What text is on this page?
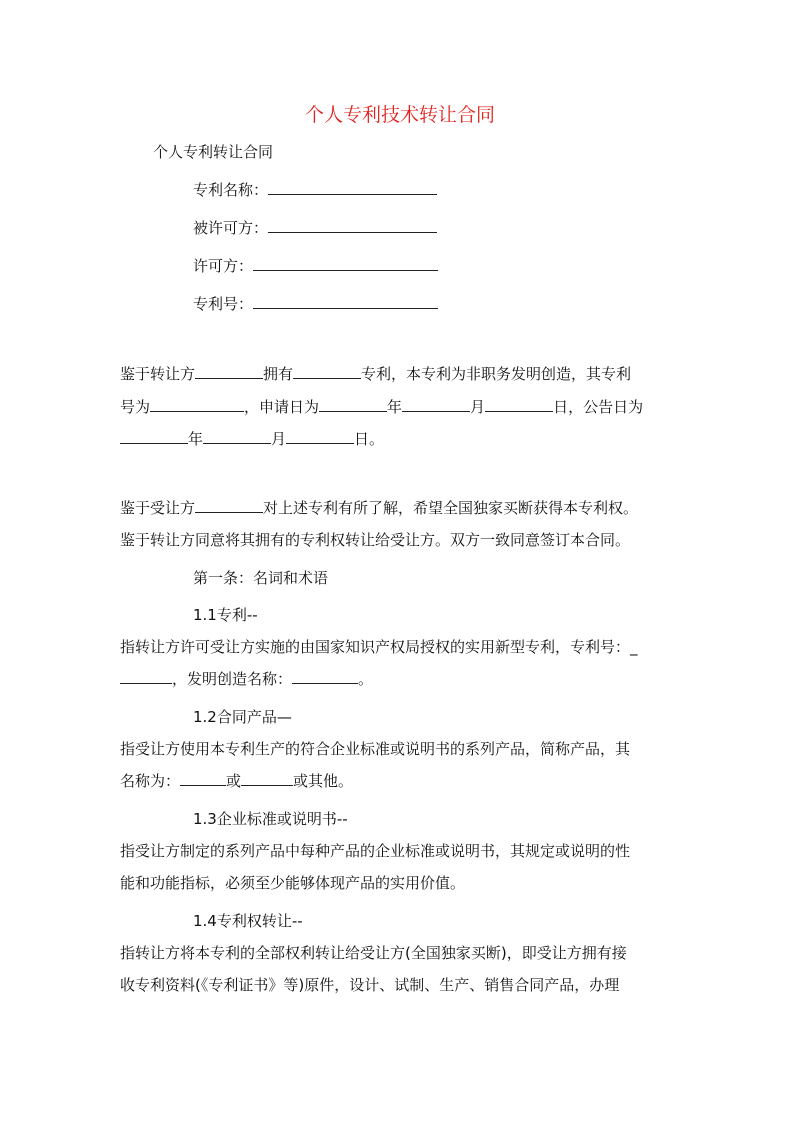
个人专利技术转让合同
个人专利转让合同
专利名称：
被许可方：
许可方：
专利号：
鉴于转让方	拥有	专利，本专利为非职务发明创造，其专利
号为	，申请日为	年	月	日，公告日为
年	月	日。
鉴于受让方	对上述专利有所了解，希望全国独家买断获得本专利权。
鉴于转让方同意将其拥有的专利权转让给受让方。双方一致同意签订本合同。
第一条：名词和术语
1.1专利--
指转让方许可受让方实施的由国家知识产权局授权的实用新型专利，专利号：_
，发明创造名称：	。
1.2合同产品—
指受让方使用本专利生产的符合企业标准或说明书的系列产品，简称产品，其
名称为：	或	或其他。
1.3企业标准或说明书--
指受让方制定的系列产品中每种产品的企业标准或说明书，其规定或说明的性
能和功能指标，必须至少能够体现产品的实用价值。
1.4专利权转让--
指转让方将本专利的全部权利转让给受让方(全国独家买断)，即受让方拥有接
收专利资料(《专利证书》等)原件，设计、试制、生产、销售合同产品，办理
